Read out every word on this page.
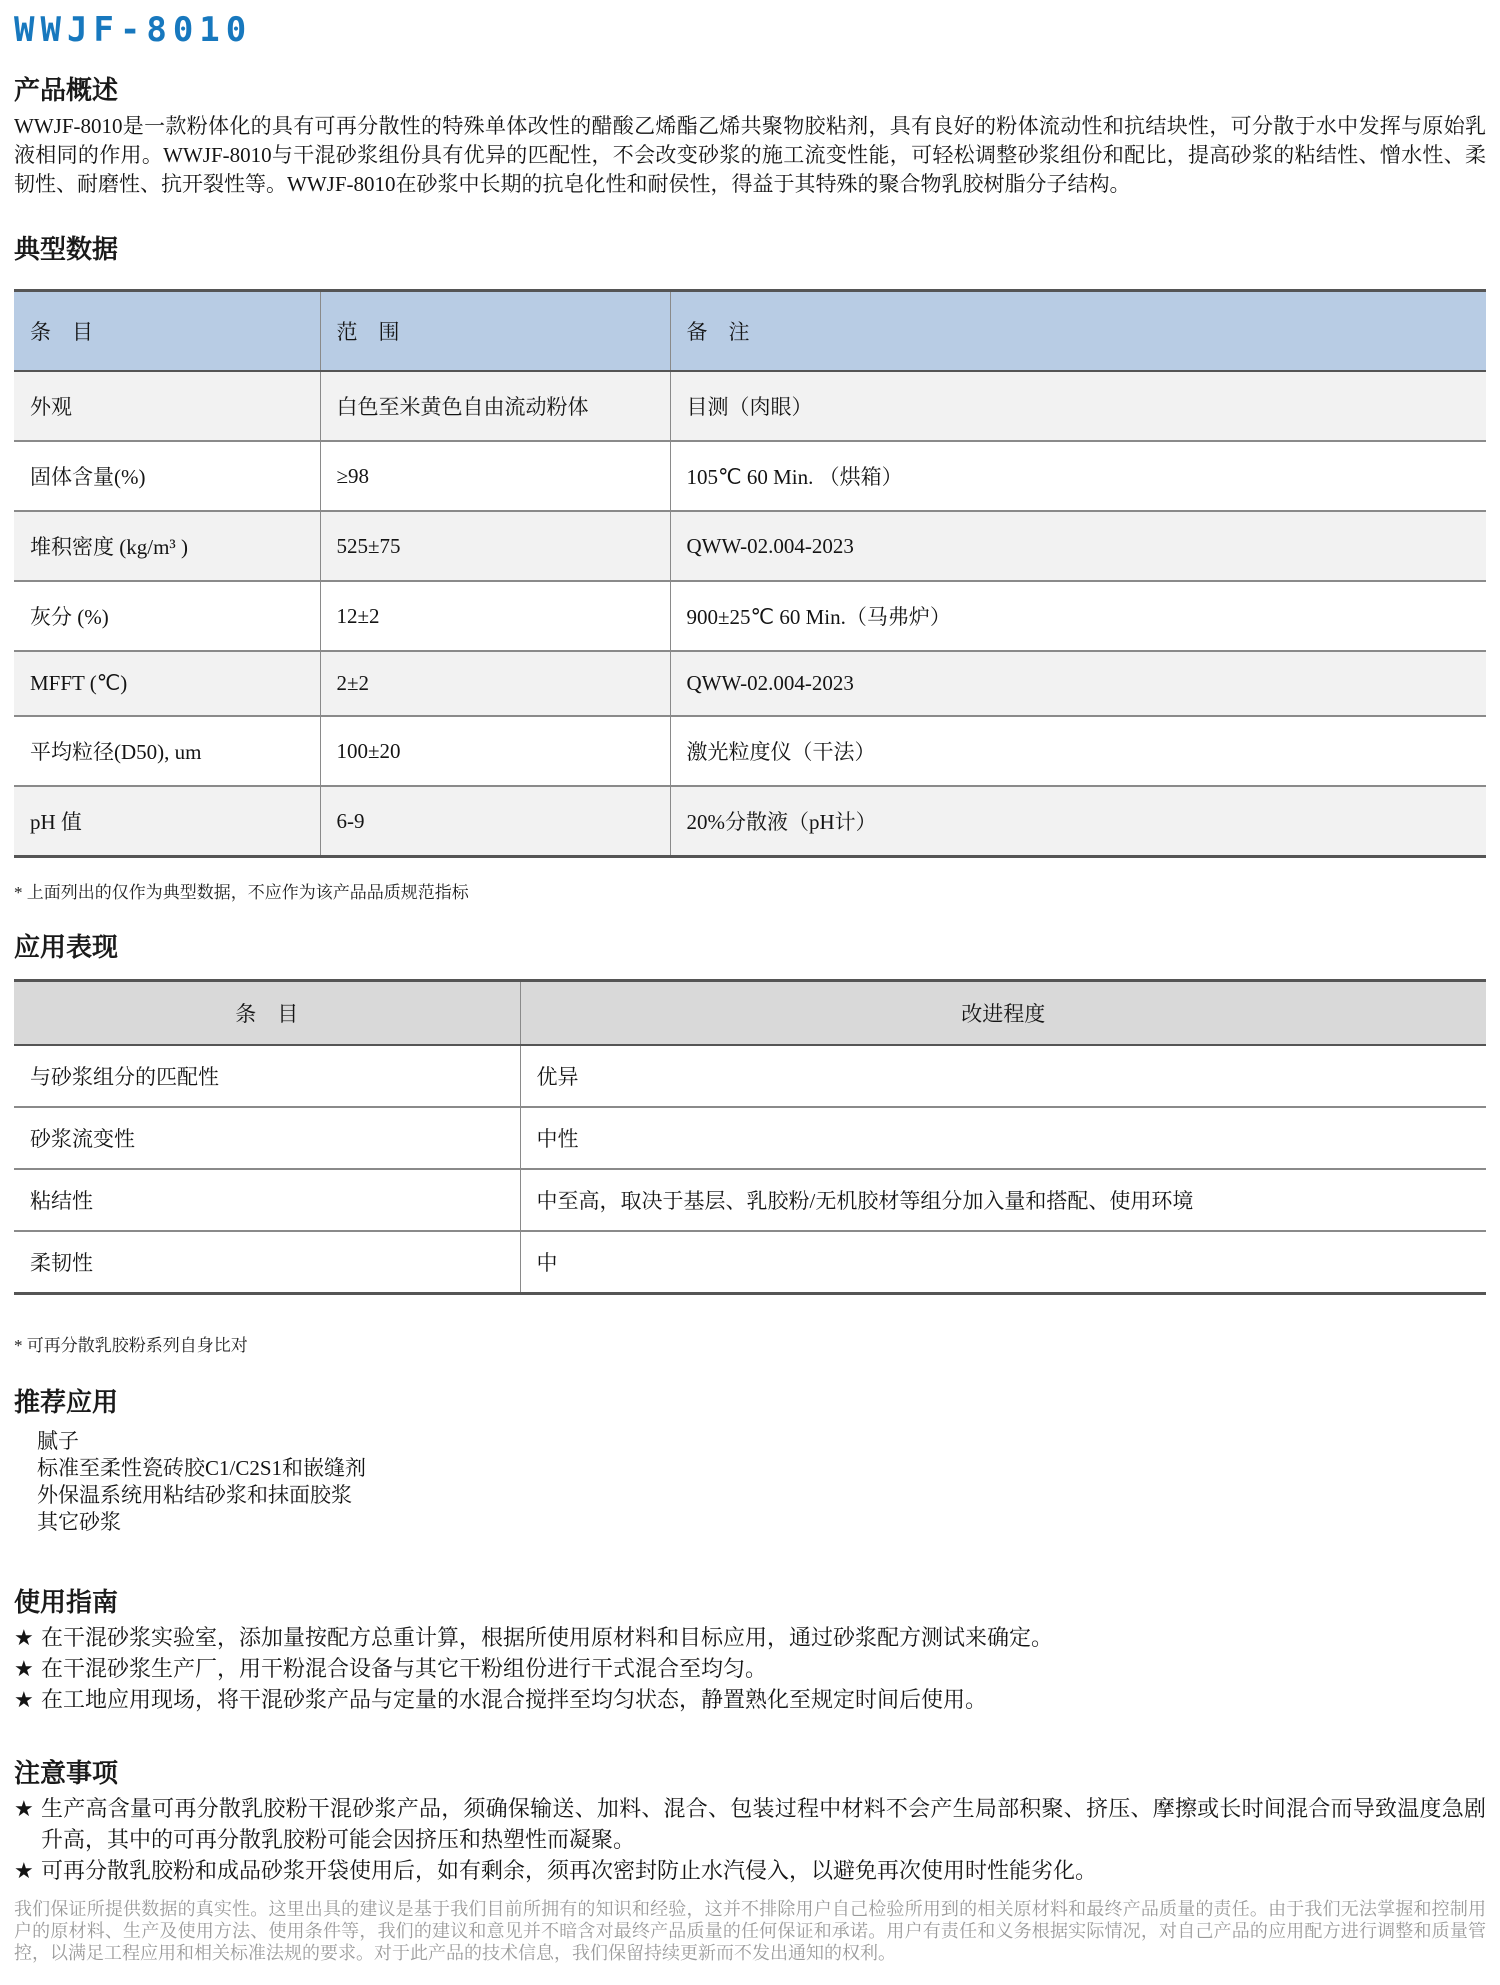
WWJF-8010
产品概述
WWJF-8010是一款粉体化的具有可再分散性的特殊单体改性的醋酸乙烯酯乙烯共聚物胶粘剂，具有良好的粉体流动性和抗结块性，可分散于水中发挥与原始乳液相同的作用。WWJF-8010与干混砂浆组份具有优异的匹配性，不会改变砂浆的施工流变性能，可轻松调整砂浆组份和配比，提高砂浆的粘结性、憎水性、柔韧性、耐磨性、抗开裂性等。WWJF-8010在砂浆中长期的抗皂化性和耐侯性，得益于其特殊的聚合物乳胶树脂分子结构。
典型数据
条　目	范　围	备　注
外观	白色至米黄色自由流动粉体	目测（肉眼）
固体含量(%)	≥98	105℃ 60 Min. （烘箱）
堆积密度 (kg/m³ )	525±75	QWW-02.004-2023
灰分 (%)	12±2	900±25℃ 60 Min.（马弗炉）
MFFT (℃)	2±2	QWW-02.004-2023
平均粒径(D50), um	100±20	激光粒度仪（干法）
pH 值	6-9	20%分散液（pH计）
* 上面列出的仅作为典型数据，不应作为该产品品质规范指标
应用表现
条　目	改进程度
与砂浆组分的匹配性	优异
砂浆流变性	中性
粘结性	中至高，取决于基层、乳胶粉/无机胶材等组分加入量和搭配、使用环境
柔韧性	中
* 可再分散乳胶粉系列自身比对
推荐应用
腻子
标准至柔性瓷砖胶C1/C2S1和嵌缝剂
外保温系统用粘结砂浆和抹面胶浆
其它砂浆
使用指南
★ 在干混砂浆实验室，添加量按配方总重计算，根据所使用原材料和目标应用，通过砂浆配方测试来确定。
★ 在干混砂浆生产厂，用干粉混合设备与其它干粉组份进行干式混合至均匀。
★ 在工地应用现场，将干混砂浆产品与定量的水混合搅拌至均匀状态，静置熟化至规定时间后使用。
注意事项
★ 生产高含量可再分散乳胶粉干混砂浆产品，须确保输送、加料、混合、包装过程中材料不会产生局部积聚、挤压、摩擦或长时间混合而导致温度急剧升高，其中的可再分散乳胶粉可能会因挤压和热塑性而凝聚。
★ 可再分散乳胶粉和成品砂浆开袋使用后，如有剩余，须再次密封防止水汽侵入，以避免再次使用时性能劣化。
我们保证所提供数据的真实性。这里出具的建议是基于我们目前所拥有的知识和经验，这并不排除用户自己检验所用到的相关原材料和最终产品质量的责任。由于我们无法掌握和控制用户的原材料、生产及使用方法、使用条件等，我们的建议和意见并不暗含对最终产品质量的任何保证和承诺。用户有责任和义务根据实际情况，对自己产品的应用配方进行调整和质量管控，以满足工程应用和相关标准法规的要求。对于此产品的技术信息，我们保留持续更新而不发出通知的权利。
